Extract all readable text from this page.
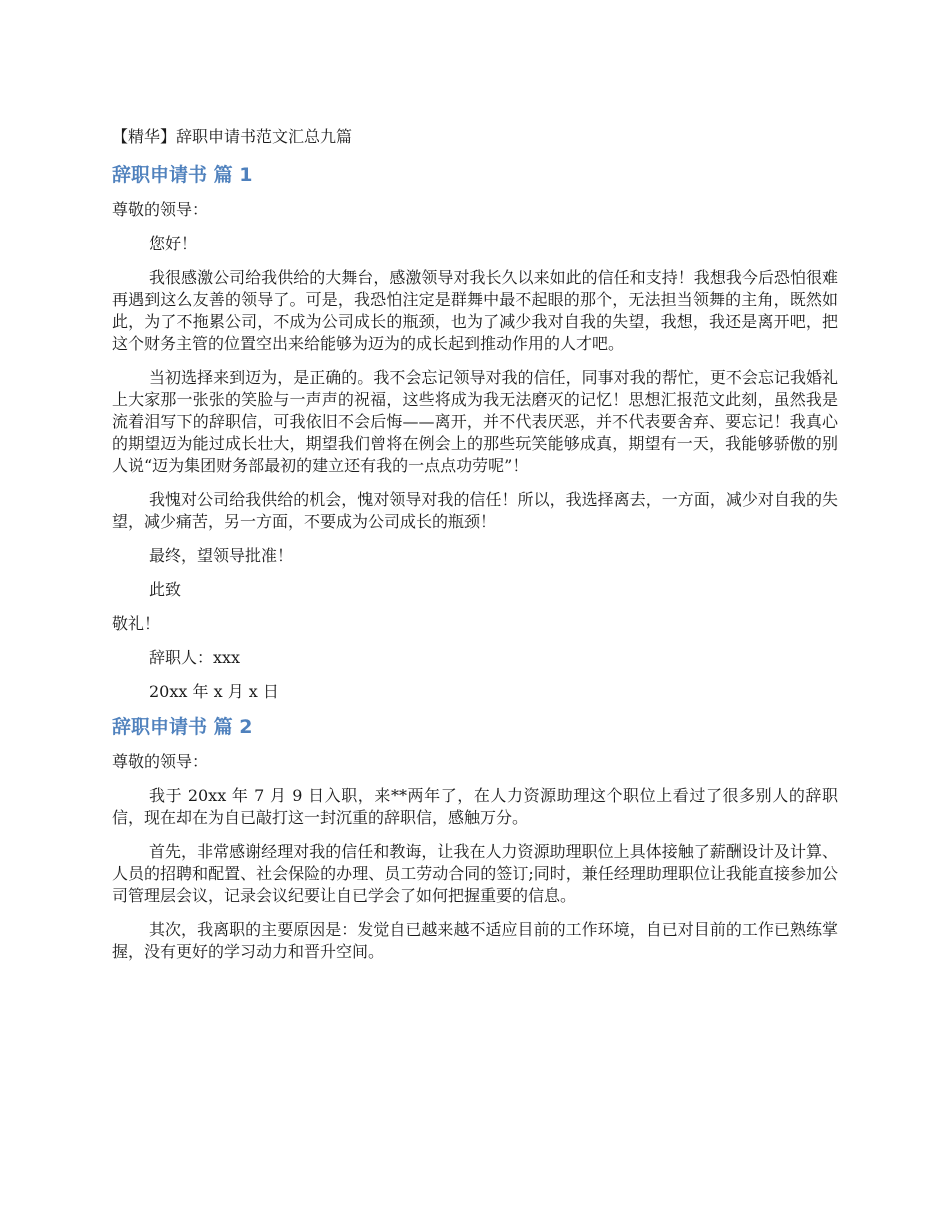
【精华】辞职申请书范文汇总九篇
辞职申请书 篇 1
尊敬的领导：
您好！
我很感激公司给我供给的大舞台，感激领导对我长久以来如此的信任和支持！我想我今后恐怕很难再遇到这么友善的领导了。可是，我恐怕注定是群舞中最不起眼的那个，无法担当领舞的主角，既然如此，为了不拖累公司，不成为公司成长的瓶颈，也为了减少我对自我的失望，我想，我还是离开吧，把这个财务主管的位置空出来给能够为迈为的成长起到推动作用的人才吧。
当初选择来到迈为，是正确的。我不会忘记领导对我的信任，同事对我的帮忙，更不会忘记我婚礼上大家那一张张的笑脸与一声声的祝福，这些将成为我无法磨灭的记忆！思想汇报范文此刻，虽然我是流着泪写下的辞职信，可我依旧不会后悔——离开，并不代表厌恶，并不代表要舍弃、要忘记！我真心的期望迈为能过成长壮大，期望我们曾将在例会上的那些玩笑能够成真，期望有一天，我能够骄傲的别人说“迈为集团财务部最初的建立还有我的一点点功劳呢”！
我愧对公司给我供给的机会，愧对领导对我的信任！所以，我选择离去，一方面，减少对自我的失望，减少痛苦，另一方面，不要成为公司成长的瓶颈！
最终，望领导批准！
此致
敬礼！
辞职人：xxx
20xx 年 x 月 x 日
辞职申请书 篇 2
尊敬的领导：
我于 20xx 年 7 月 9 日入职，来**两年了，在人力资源助理这个职位上看过了很多别人的辞职信，现在却在为自已敲打这一封沉重的辞职信，感触万分。
首先，非常感谢经理对我的信任和教诲，让我在人力资源助理职位上具体接触了薪酬设计及计算、人员的招聘和配置、社会保险的办理、员工劳动合同的签订;同时，兼任经理助理职位让我能直接参加公司管理层会议，记录会议纪要让自已学会了如何把握重要的信息。
其次，我离职的主要原因是：发觉自已越来越不适应目前的工作环境，自已对目前的工作已熟练掌握，没有更好的学习动力和晋升空间。
